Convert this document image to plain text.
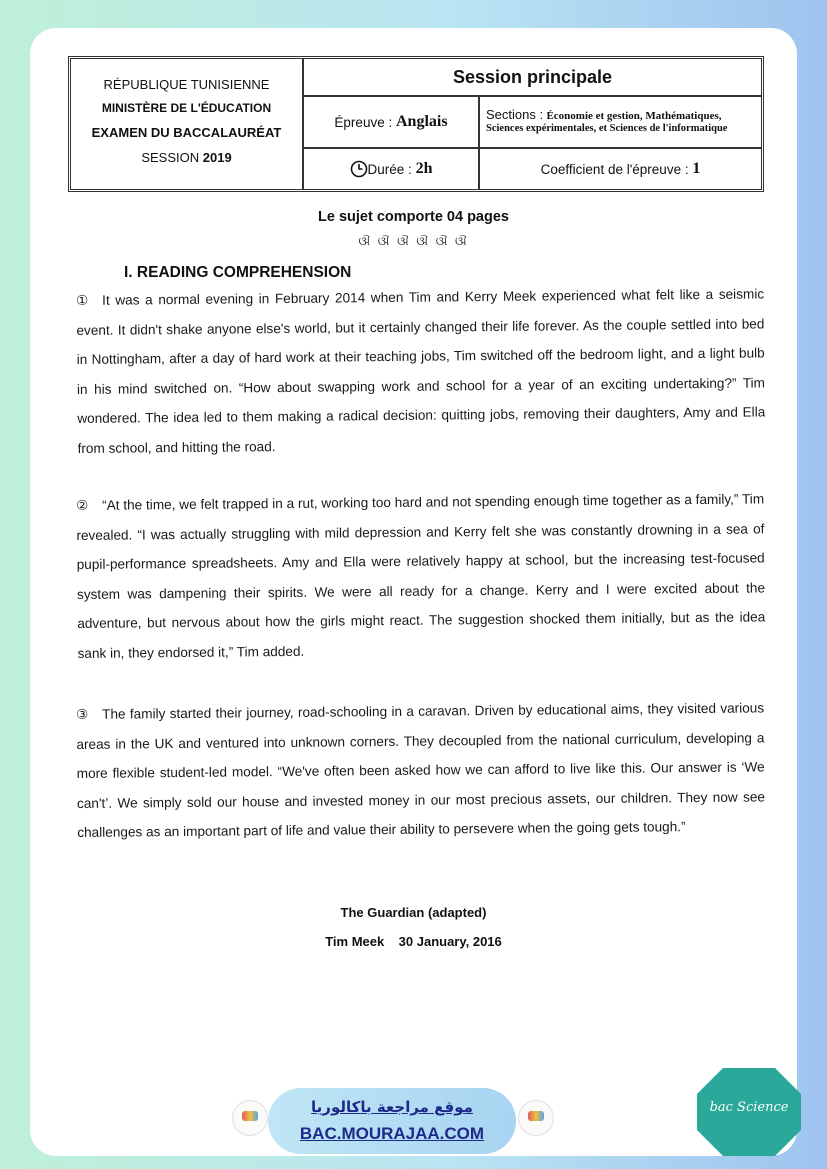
RÉPUBLIQUE TUNISIENNE
MINISTÈRE DE L'ÉDUCATION
EXAMEN DU BACCALAURÉAT
SESSION 2019
Session principale
Épreuve :
Anglais	Sections : Économie et gestion, Mathématiques,
Sciences expérimentales, et Sciences de l'informatique
Durée :
2h	Coefficient de l'épreuve :
1
Le sujet comporte 04 pages
ଔ ଔ ଔ ଔ ଔ ଔ
I. READING COMPREHENSION
① It was a normal evening in February 2014 when Tim and Kerry Meek experienced what felt like a seismic event. It didn't shake anyone else's world, but it certainly changed their life forever. As the couple settled into bed in Nottingham, after a day of hard work at their teaching jobs, Tim switched off the bedroom light, and a light bulb in his mind switched on. “How about swapping work and school for a year of an exciting undertaking?” Tim wondered. The idea led to them making a radical decision: quitting jobs, removing their daughters, Amy and Ella from school, and hitting the road.
② “At the time, we felt trapped in a rut, working too hard and not spending enough time together as a family,” Tim revealed. “I was actually struggling with mild depression and Kerry felt she was constantly drowning in a sea of pupil-performance spreadsheets. Amy and Ella were relatively happy at school, but the increasing test-focused system was dampening their spirits. We were all ready for a change. Kerry and I were excited about the adventure, but nervous about how the girls might react. The suggestion shocked them initially, but as the idea sank in, they endorsed it,” Tim added.
③ The family started their journey, road-schooling in a caravan. Driven by educational aims, they visited various areas in the UK and ventured into unknown corners. They decoupled from the national curriculum, developing a more flexible student-led model. “We've often been asked how we can afford to live like this. Our answer is ‘We can't’. We simply sold our house and invested money in our most precious assets, our children. They now see challenges as an important part of life and value their ability to persevere when the going gets tough.”
The Guardian (adapted)
Tim Meek    30 January, 2016
موقع مراجعة باكالوريا
BAC.MOURAJAA.COM
bac Science
